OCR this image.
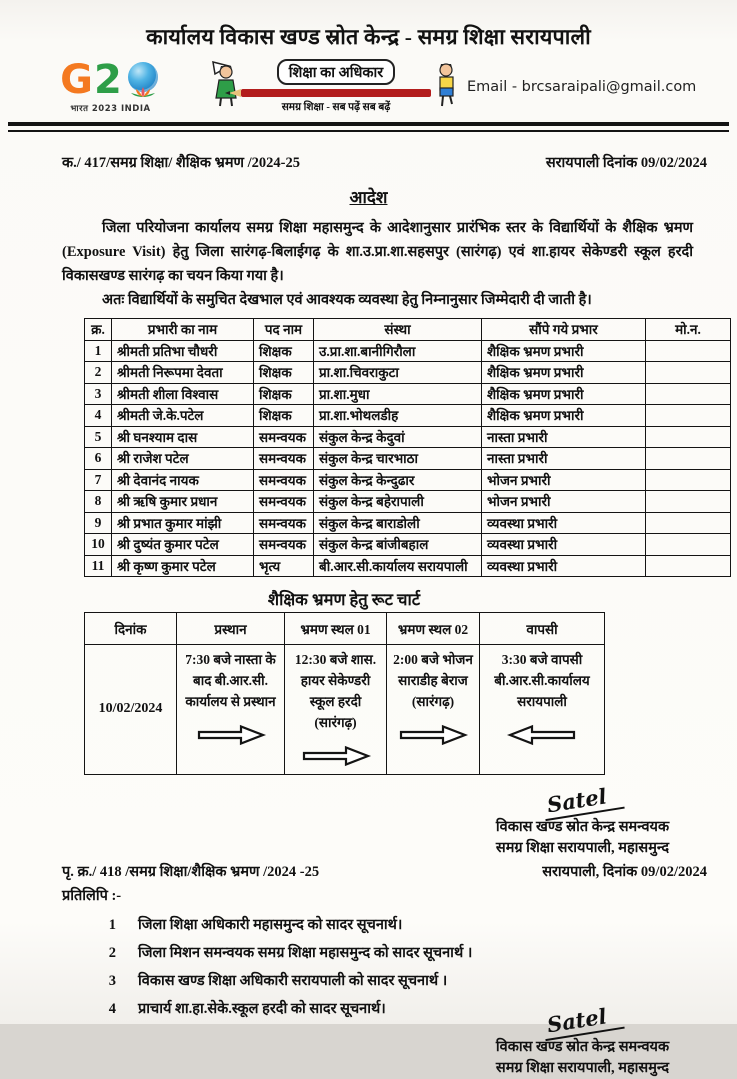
कार्यालय विकास खण्ड स्रोत केन्द्र - समग्र शिक्षा सरायपाली
G 2
भारत 2023 INDIA
शिक्षा का अधिकार
समग्र शिक्षा - सब पढ़ें सब बढ़ें
Email - brcsaraipali@gmail.com
क./ 417/समग्र शिक्षा/ शैक्षिक भ्रमण /2024-25	सरायपाली दिनांक 09/02/2024
आदेश

जिला परियोजना कार्यालय समग्र शिक्षा महासमुन्द के आदेशानुसार प्रारंभिक स्तर के विद्यार्थियों के शैक्षिक भ्रमण (Exposure Visit) हेतु जिला सारंगढ़-बिलाईगढ़ के शा.उ.प्रा.शा.सहसपुर (सारंगढ़) एवं शा.हायर सेकेण्डरी स्कूल हरदी विकासखण्ड सारंगढ़ का चयन किया गया है।

अतः विद्यार्थियों के समुचित देखभाल एवं आवश्यक व्यवस्था हेतु निम्नानुसार जिम्मेदारी दी जाती है।

क्र.	प्रभारी का नाम	पद नाम	संस्था	सौंपे गये प्रभार	मो.न.
1	श्रीमती प्रतिभा चौधरी	शिक्षक	उ.प्रा.शा.बानीगिरौला	शैक्षिक भ्रमण प्रभारी	
2	श्रीमती निरूपमा देवता	शिक्षक	प्रा.शा.चिवराकुटा	शैक्षिक भ्रमण प्रभारी	
3	श्रीमती शीला विश्वास	शिक्षक	प्रा.शा.मुधा	शैक्षिक भ्रमण प्रभारी	
4	श्रीमती जे.के.पटेल	शिक्षक	प्रा.शा.भोथलडीह	शैक्षिक भ्रमण प्रभारी	
5	श्री घनश्याम दास	समन्वयक	संकुल केन्द्र केदुवां	नास्ता प्रभारी	
6	श्री राजेश पटेल	समन्वयक	संकुल केन्द्र चारभाठा	नास्ता प्रभारी	
7	श्री देवानंद नायक	समन्वयक	संकुल केन्द्र केन्दुढार	भोजन प्रभारी	
8	श्री ऋषि कुमार प्रधान	समन्वयक	संकुल केन्द्र बहेरापाली	भोजन प्रभारी	
9	श्री प्रभात कुमार मांझी	समन्वयक	संकुल केन्द्र बाराडोली	व्यवस्था प्रभारी	
10	श्री दुष्यंत कुमार पटेल	समन्वयक	संकुल केन्द्र बांजीबहाल	व्यवस्था प्रभारी	
11	श्री कृष्ण कुमार पटेल	भृत्य	बी.आर.सी.कार्यालय सरायपाली	व्यवस्था प्रभारी	
शैक्षिक भ्रमण हेतु रूट चार्ट
दिनांक	प्रस्थान	भ्रमण स्थल 01	भ्रमण स्थल 02	वापसी
10/02/2024	7:30 बजे नास्ता के बाद बी.आर.सी. कार्यालय से प्रस्थान	12:30 बजे शास. हायर सेकेण्डरी स्कूल हरदी (सारंगढ़)	2:00 बजे भोजन साराडीह बेराज (सारंगढ़)	3:30 बजे वापसी बी.आर.सी.कार्यालय सरायपाली
Satel
विकास खण्ड स्रोत केन्द्र समन्वयक
समग्र शिक्षा सरायपाली, महासमुन्द
पृ. क्र./ 418 /समग्र शिक्षा/शैक्षिक भ्रमण /2024 -25	सरायपाली, दिनांक 09/02/2024
प्रतिलिपि :-
1 जिला शिक्षा अधिकारी महासमुन्द को सादर सूचनार्थ।
2 जिला मिशन समन्वयक समग्र शिक्षा महासमुन्द को सादर सूचनार्थ ।
3 विकास खण्ड शिक्षा अधिकारी सरायपाली को सादर सूचनार्थ ।
4 प्राचार्य शा.हा.सेके.स्कूल हरदी को सादर सूचनार्थ।	Satel
विकास खण्ड स्रोत केन्द्र समन्वयक
समग्र शिक्षा सरायपाली, महासमुन्द
